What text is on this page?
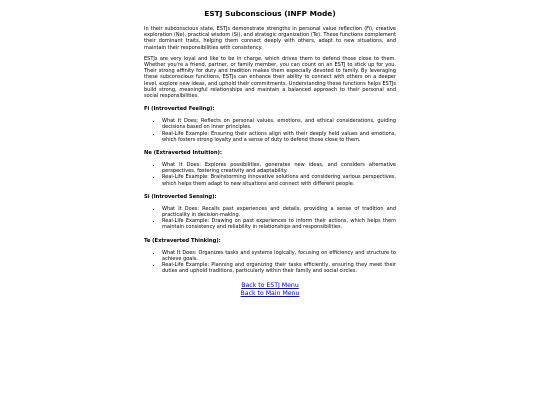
ESTJ Subconscious (INFP Mode)

In their subconscious state, ESTJs demonstrate strengths in personal value reflection (Fi), creative exploration (Ne), practical wisdom (Si), and strategic organization (Te). These functions complement their dominant traits, helping them connect deeply with others, adapt to new situations, and maintain their responsibilities with consistency.

ESTJs are very loyal and like to be in charge, which drives them to defend those close to them. Whether you're a friend, partner, or family member, you can count on an ESTJ to stick up for you. Their strong affinity for duty and tradition makes them especially devoted to family. By leveraging these subconscious functions, ESTJs can enhance their ability to connect with others on a deeper level, explore new ideas, and uphold their commitments. Understanding these functions helps ESTJs build strong, meaningful relationships and maintain a balanced approach to their personal and social responsibilities.

Fi (Introverted Feeling):
• What It Does: Reflects on personal values, emotions, and ethical considerations, guiding decisions based on inner principles.
• Real-Life Example: Ensuring their actions align with their deeply held values and emotions, which fosters strong loyalty and a sense of duty to defend those close to them.
Ne (Extraverted Intuition):
• What It Does: Explores possibilities, generates new ideas, and considers alternative perspectives, fostering creativity and adaptability.
• Real-Life Example: Brainstorming innovative solutions and considering various perspectives, which helps them adapt to new situations and connect with different people.
Si (Introverted Sensing):
• What It Does: Recalls past experiences and details, providing a sense of tradition and practicality in decision-making.
• Real-Life Example: Drawing on past experiences to inform their actions, which helps them maintain consistency and reliability in relationships and responsibilities.
Te (Extraverted Thinking):
• What It Does: Organizes tasks and systems logically, focusing on efficiency and structure to achieve goals.
• Real-Life Example: Planning and organizing their tasks efficiently, ensuring they meet their duties and uphold traditions, particularly within their family and social circles.
Back to ESTJ Menu
Back to Main Menu
